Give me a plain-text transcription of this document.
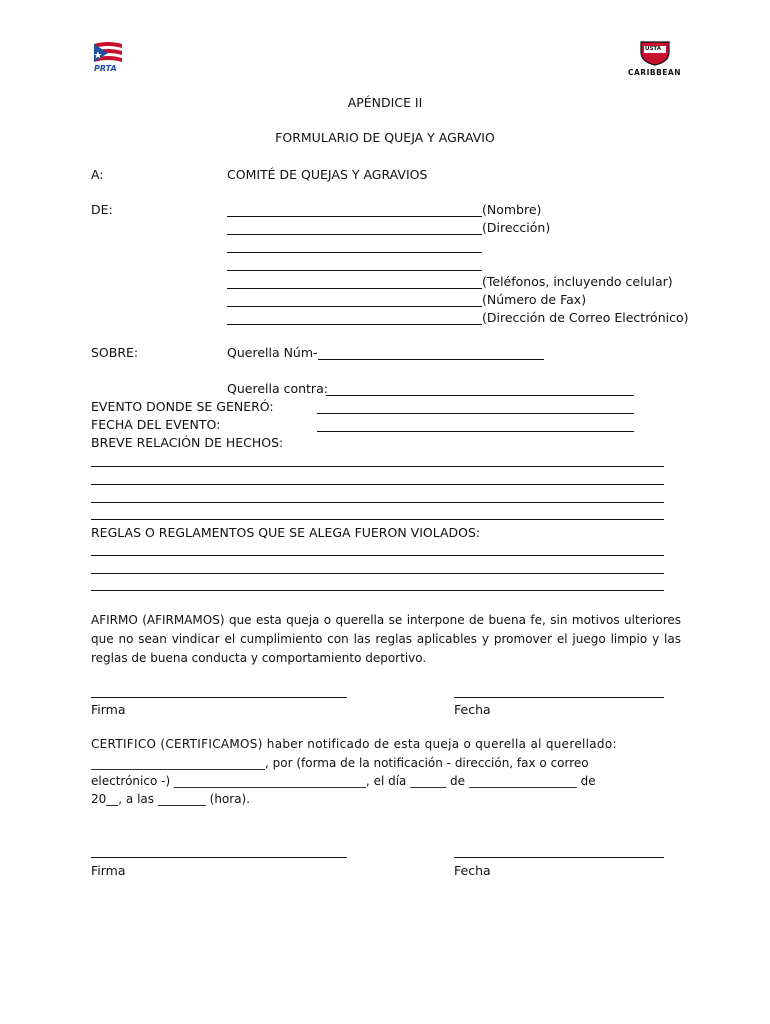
PRTA
USTA
CARIBBEAN
APÉNDICE II
FORMULARIO DE QUEJA Y AGRAVIO
A:	COMITÉ DE QUEJAS Y AGRAVIOS
DE:	(Nombre)
(Dirección)
(Teléfonos, incluyendo celular)
(Número de Fax)
(Dirección de Correo Electrónico)
SOBRE:	Querella Núm-
Querella contra:
EVENTO DONDE SE GENERÓ:
FECHA DEL EVENTO:
BREVE RELACIÓN DE HECHOS:
REGLAS O REGLAMENTOS QUE SE ALEGA FUERON VIOLADOS:
AFIRMO (AFIRMAMOS) que esta queja o querella se interpone de buena fe, sin motivos ulteriores que no sean vindicar el cumplimiento con las reglas aplicables y promover el juego limpio y las reglas de buena conducta y comportamiento deportivo.
Firma	Fecha
CERTIFICO (CERTIFICAMOS) haber notificado de esta queja o querella al querellado:
_____________________________, por (forma de la notificación - dirección, fax o correo
electrónico -) ________________________________, el día ______ de __________________ de
20__, a las ________ (hora).
Firma	Fecha
